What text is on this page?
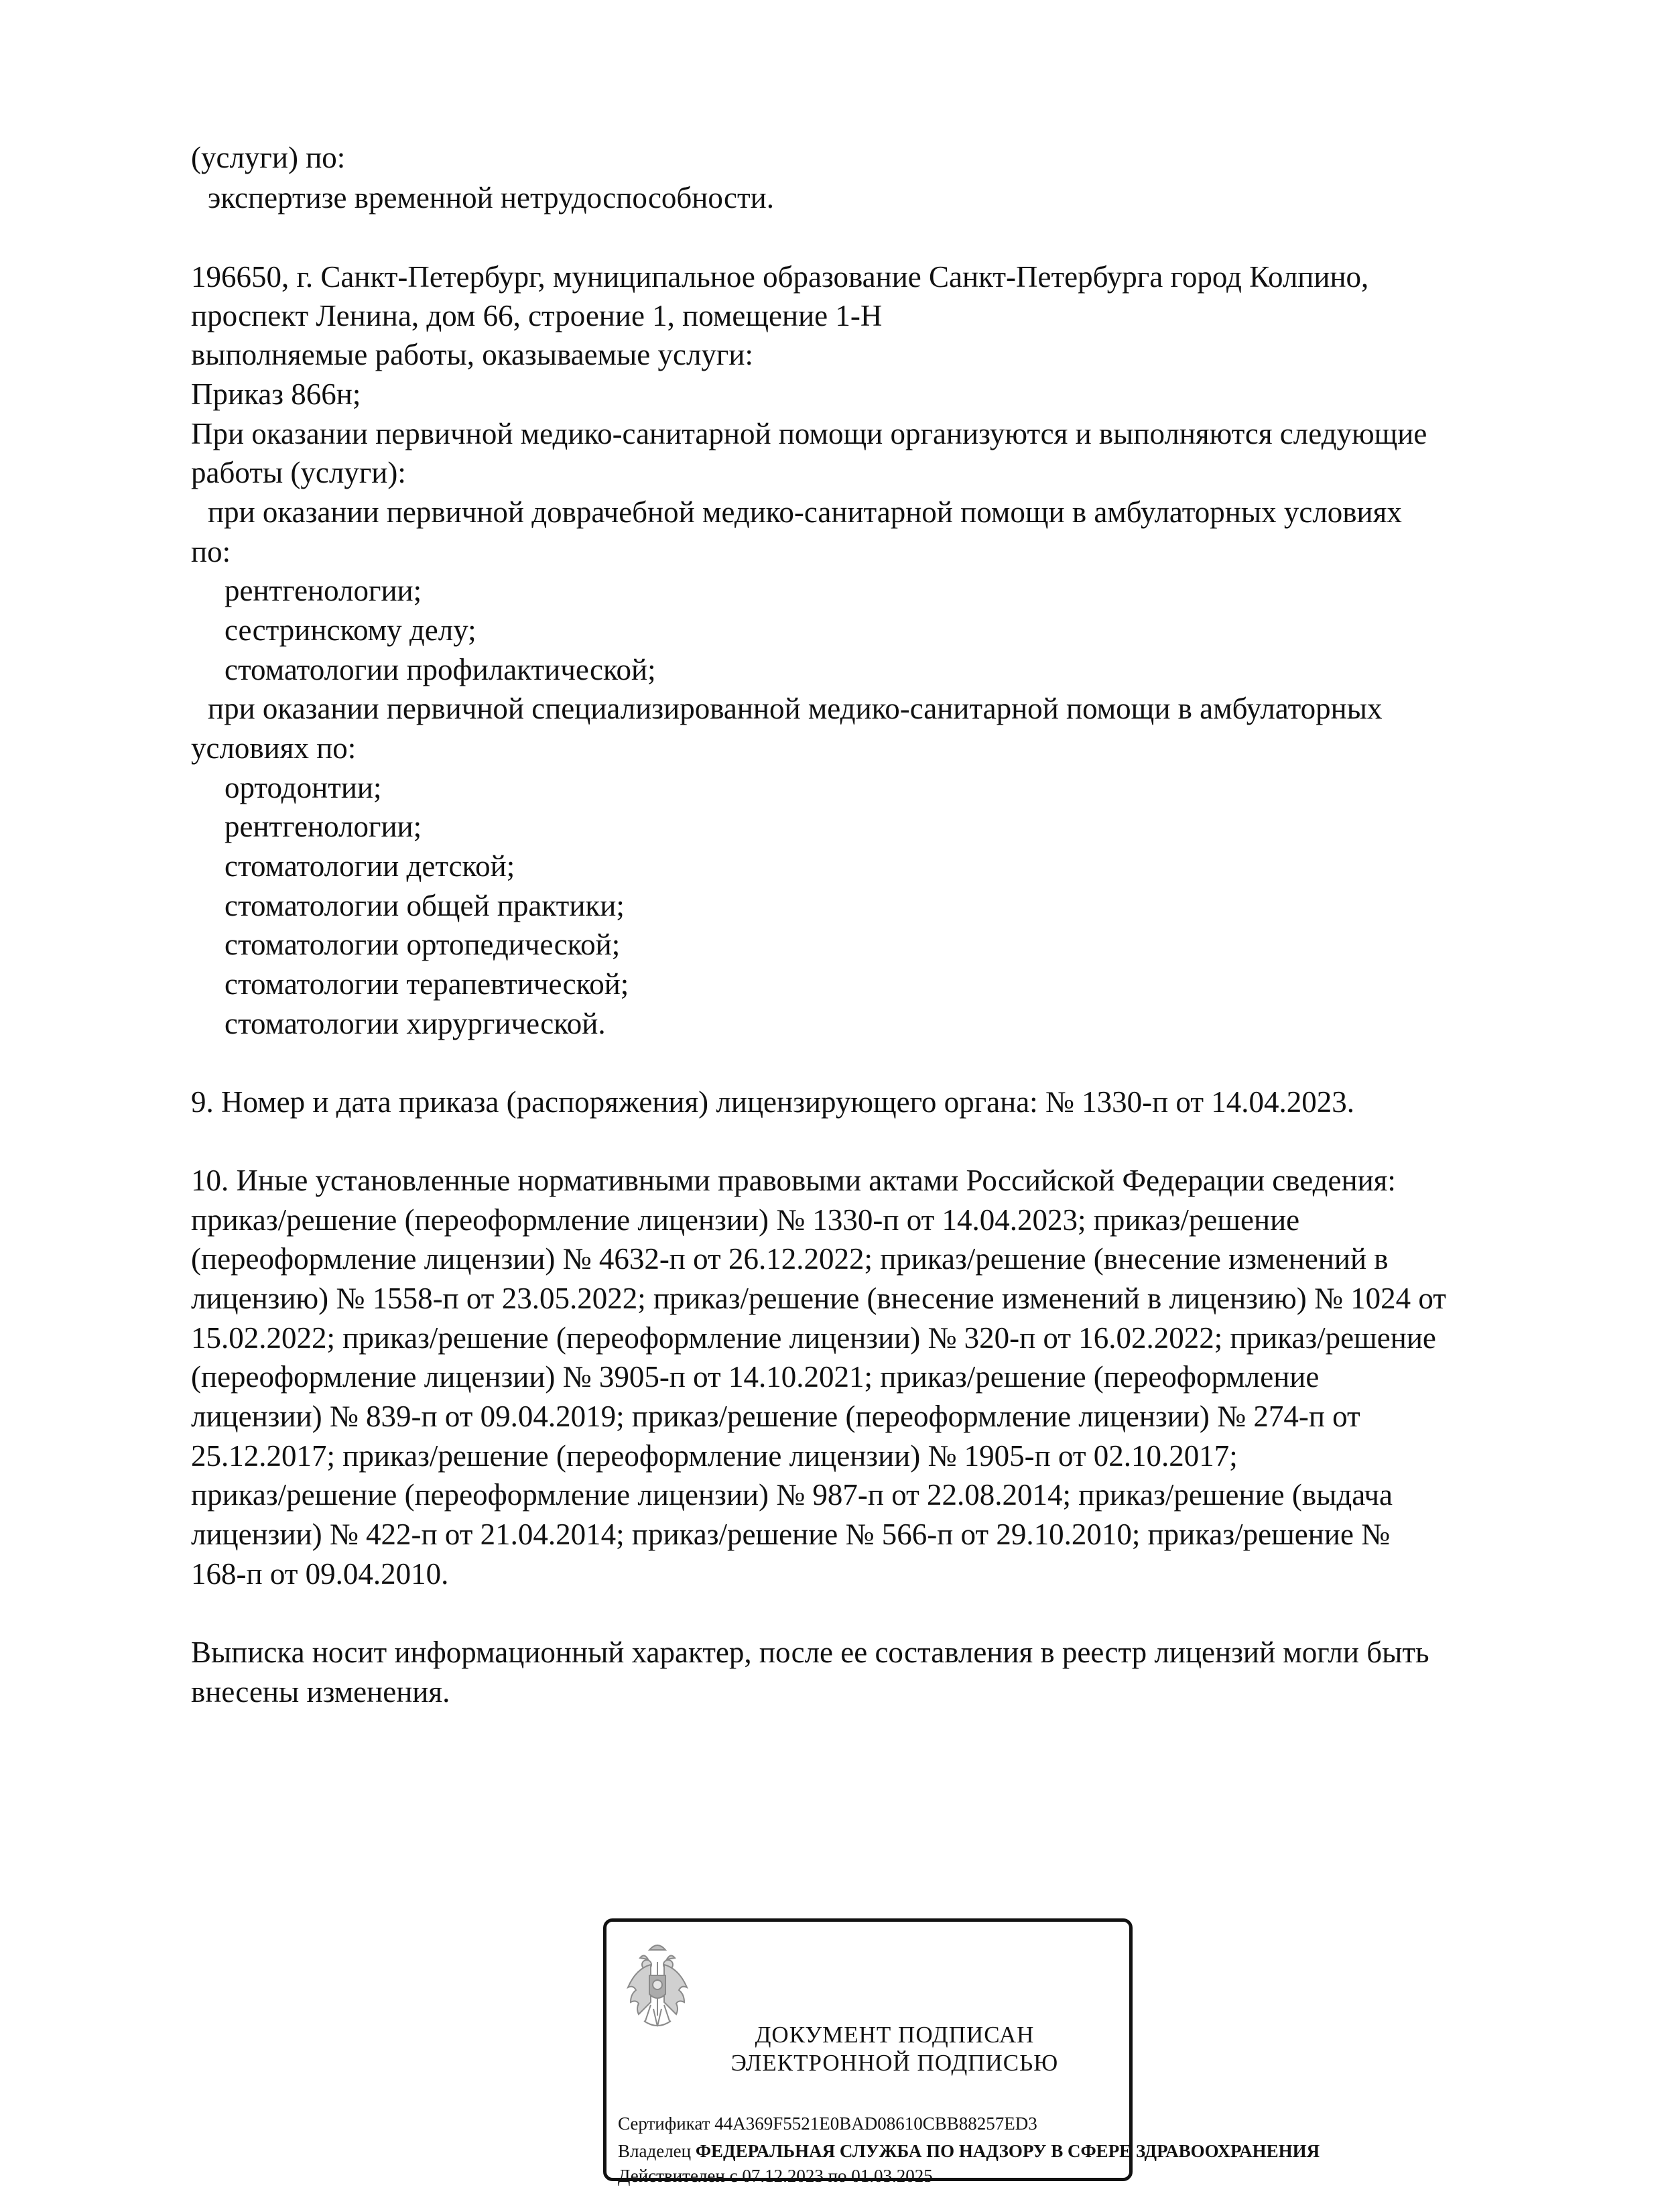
(услуги) по:
экспертизе временной нетрудоспособности.
196650, г. Санкт-Петербург, муниципальное образование Санкт-Петербурга город Колпино,
проспект Ленина, дом 66, строение 1, помещение 1-Н
выполняемые работы, оказываемые услуги:
Приказ 866н;
При оказании первичной медико-санитарной помощи организуются и выполняются следующие
работы (услуги):
при оказании первичной доврачебной медико-санитарной помощи в амбулаторных условиях
по:
рентгенологии;
сестринскому делу;
стоматологии профилактической;
при оказании первичной специализированной медико-санитарной помощи в амбулаторных
условиях по:
ортодонтии;
рентгенологии;
стоматологии детской;
стоматологии общей практики;
стоматологии ортопедической;
стоматологии терапевтической;
стоматологии хирургической.
9. Номер и дата приказа (распоряжения) лицензирующего органа: № 1330-п от 14.04.2023.
10. Иные установленные нормативными правовыми актами Российской Федерации сведения:
приказ/решение (переоформление лицензии) № 1330-п от 14.04.2023; приказ/решение
(переоформление лицензии) № 4632-п от 26.12.2022; приказ/решение (внесение изменений в
лицензию) № 1558-п от 23.05.2022; приказ/решение (внесение изменений в лицензию) № 1024 от
15.02.2022; приказ/решение (переоформление лицензии) № 320-п от 16.02.2022; приказ/решение
(переоформление лицензии) № 3905-п от 14.10.2021; приказ/решение (переоформление
лицензии) № 839-п от 09.04.2019; приказ/решение (переоформление лицензии) № 274-п от
25.12.2017; приказ/решение (переоформление лицензии) № 1905-п от 02.10.2017;
приказ/решение (переоформление лицензии) № 987-п от 22.08.2014; приказ/решение (выдача
лицензии) № 422-п от 21.04.2014; приказ/решение № 566-п от 29.10.2010; приказ/решение №
168-п от 09.04.2010.
Выписка носит информационный характер, после ее составления в реестр лицензий могли быть
внесены изменения.
ДОКУМЕНТ ПОДПИСАН
ЭЛЕКТРОННОЙ ПОДПИСЬЮ
Сертификат 44A369F5521E0BAD08610CBB88257ED3
Владелец ФЕДЕРАЛЬНАЯ СЛУЖБА ПО НАДЗОРУ В СФЕРЕ ЗДРАВООХРАНЕНИЯ
Действителен с 07.12.2023 по 01.03.2025
